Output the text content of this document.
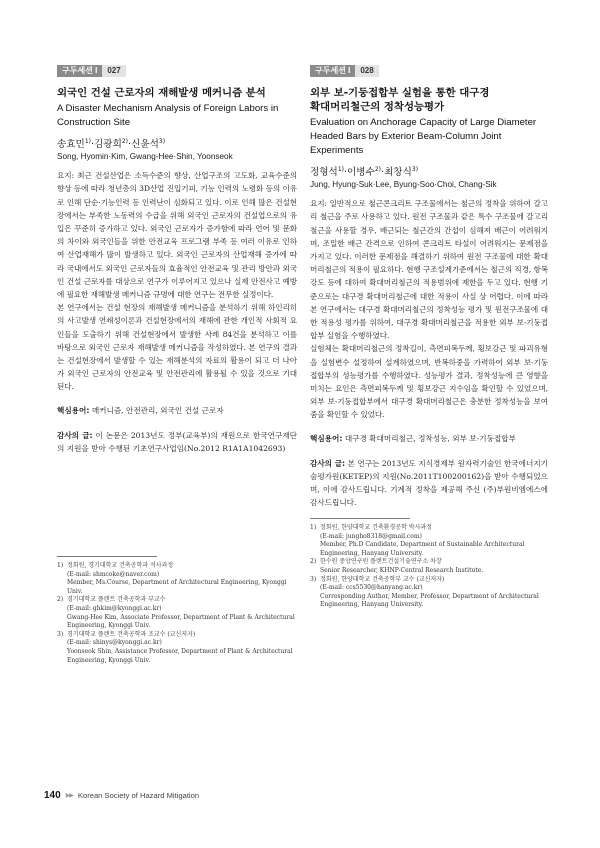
구두세션 I	027
외국인 건설 근로자의 재해발생 메커니즘 분석
A Disaster Mechanism Analysis of Foreign Labors in
Construction Site
송효민$^{1)}$·김광희$^{2)}$·신윤석$^{3)}$
Song, Hyomin·Kim, Gwang-Hee·Shin, Yoonseok

요지: 최근 건설산업은 소득수준의 향상, 산업구조의 고도화, 교육수준의 향상 등에 따라 청년층의 3D산업 진입기피, 기능 인력의 노령화 등의 이유로 인해 단순·기능인력 등 인력난이 심화되고 있다. 이로 인해 많은 건설현장에서는 부족한 노동력의 수급을 위해 외국인 근로자의 건설업으로의 유입은 꾸준히 증가하고 있다. 외국인 근로자가 증가함에 따라 언어 및 문화의 차이와 외국인들을 위한 안전교육 프로그램 부족 등 여러 이유로 인하여 산업재해가 많이 발생하고 있다. 외국인 근로자의 산업재해 증가에 따라 국내에서도 외국인 근로자들의 효율적인 안전교육 및 관리 방안과 외국인 건설 근로자를 대상으로 연구가 이루어지고 있으나 실제 안전사고 예방에 필요한 재해발생 메커니즘 규명에 대한 연구는 전무한 실정이다.

본 연구에서는 건설 현장의 재해발생 메커니즘을 분석하기 위해 하인리히의 사고발생 연쇄성이론과 건설현장에서의 재해에 관한 개인적 사회적 요인들을 도출하기 위해 건설현장에서 발생한 사례 84건을 분석하고 이를 바탕으로 외국인 근로자 재해발생 메커니즘을 작성하였다. 본 연구의 결과는 건설현장에서 발생할 수 있는 재해분석의 자료의 활용이 되고 더 나아가 외국인 근로자의 안전교육 및 안전관리에 활용될 수 있을 것으로 기대된다.

핵심용어: 매커니즘, 안전관리, 외국인 건설 근로자
감사의 글: 이 논문은 2013년도 정부(교육부)의 재원으로 한국연구재단의 지원을 받아 수행된 기초연구사업임(No.2012 R1A1A1042693)
1) 정회원, 경기대학교 건축공학과 석사과정
(E-mail: shmcoke@naver.com)
Member, Ms.Course, Department of Architectural Engineering, Kyonggi Univ.
2) 경기대학교 플랜트 건축공학과 부교수
(E-mail: ghkim@kyonggi.ac.kr)
Gwang-Hee Kim, Associate Professor, Department of Plant & Architectural Engineering, Kyonggi Univ.
3) 경기대학교 플랜트 건축공학과 조교수 (교신저자)
(E-mail: shinys@kyonggi.ac.kr)
Yoonseok Shin, Assistance Professor, Department of Plant & Architectural Engineering, Kyonggi Univ.
구두세션 I	028
외부 보-기둥접합부 실험을 통한 대구경
확대머리철근의 정착성능평가
Evaluation on Anchorage Capacity of Large Diameter
Headed Bars by Exterior Beam-Column Joint Experiments
정형석$^{1)}$·이병수$^{2)}$·최창식$^{3)}$
Jung, Hyung-Suk·Lee, Byung-Soo·Choi, Chang-Sik

요지: 일반적으로 철근콘크리트 구조물에서는 철근의 정착을 위하여 갈고리 철근을 주로 사용하고 있다. 원전 구조물과 같은 특수 구조물에 갈고리 철근을 사용할 경우, 배근되는 철근간의 간섭이 심해져 배근이 어려워지며, 조밀한 배근 간격으로 인하여 콘크리트 타설이 어려워지는 문제점을 가지고 있다. 이러한 문제점을 해결하기 위하여 원전 구조물에 대한 확대머리철근의 적용이 필요하다. 현행 구조설계기준에서는 철근의 직경, 항복강도 등에 대하여 확대머리철근의 적용범위에 제한을 두고 있다. 현행 기준으로는 대구경 확대머리철근에 대한 적용이 사실 상 어렵다. 이에 따라 본 연구에서는 대구경 확대머리철근의 정착성능 평가 및 원전구조물에 대한 적용성 평가를 위하여, 대구경 확대머리철근을 적용한 외부 보-기둥접합부 실험을 수행하였다.

실험체는 확대머리철근의 정착길이, 측면피복두께, 횡보강근 및 파괴유형을 실험변수 설정하여 설계하였으며, 반복하중을 가력하여 외부 보-기둥접합부의 성능평가를 수행하였다. 성능평가 결과, 정착성능에 큰 영향을 미치는 요인은 측면피복두께 및 횡보강근 지수임을 확인할 수 있었으며, 외부 보-기둥접합부에서 대구경 확대머리철근은 충분한 정착성능을 보여줌을 확인할 수 있었다.

핵심용어: 대구경 확대머리철근, 정착성능, 외부 보-기둥접합부
감사의 글: 본 연구는 2013년도 지식경제부 원자력기술인 한국에너지기술평가원(KETEP)의 지원(No.2011T100200162)을 받아 수행되었으며, 이에 감사드립니다. 기계적 정착을 제공해 주신 (주)부원비엠에스에 감사드립니다.
1) 정회원, 한양대학교 건축환경공학 박사과정
(E-mail: jungho8318@gmail.com)
Member, Ph.D Candidate, Department of Sustainable Architectural Engineering, Hanyang University.
2) 한수원 중앙연구원 플랜트건설기술연구소 차장
Senior Researcher, KHNP-Central Research Institute.
3) 정회원, 한양대학교 건축공학부 교수 (교신저자)
(E-mail: ccs5530@hanyang.ac.kr)
Corresponding Author, Member, Professor, Department of Architectural Engineering, Hanyang University.
140 ▶▶ Korean Society of Hazard Mitigation
